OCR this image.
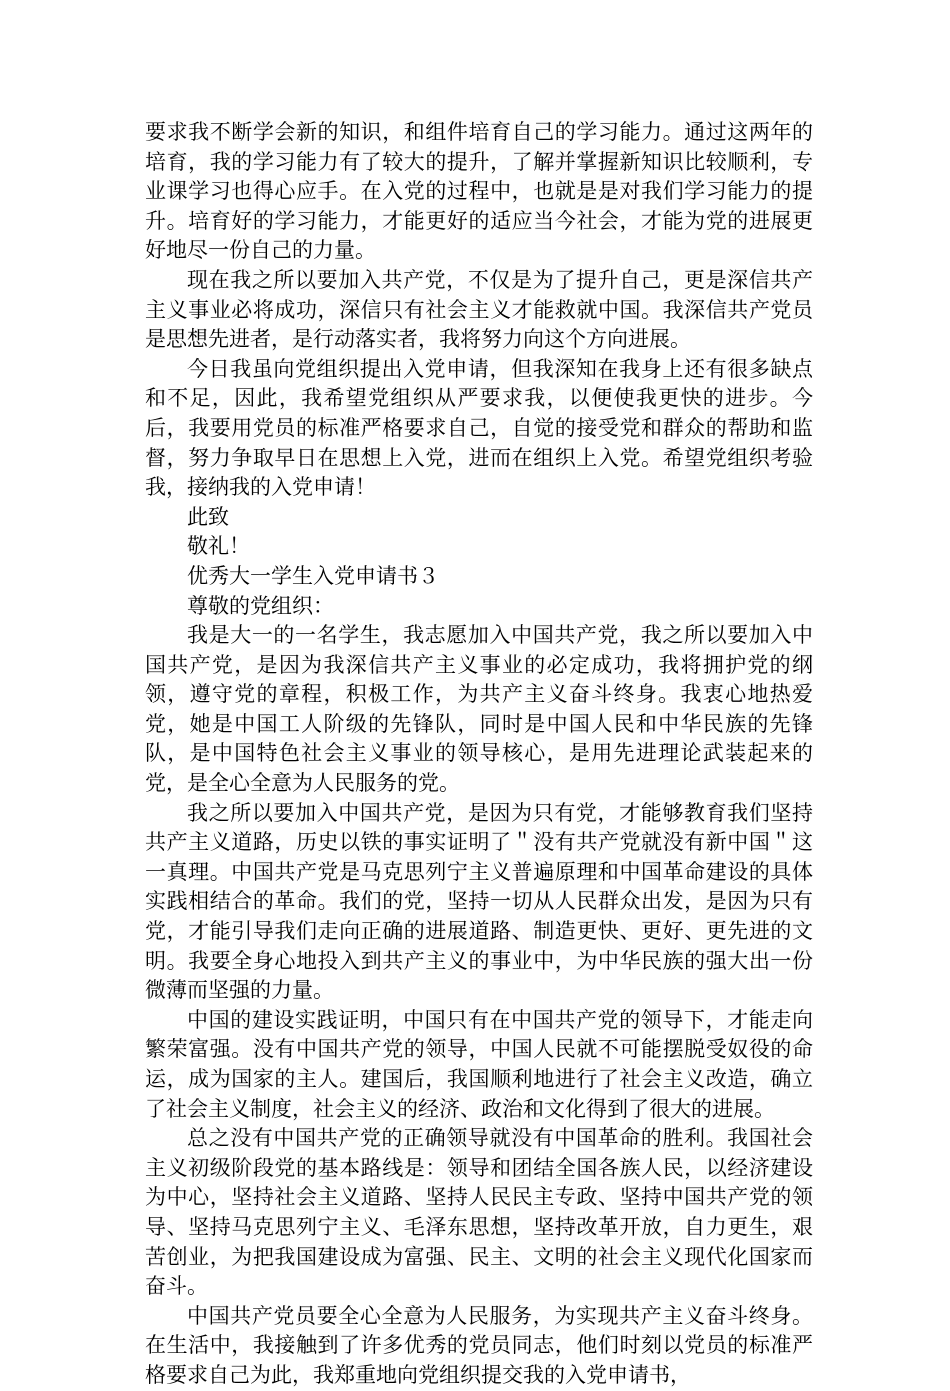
要求我不断学会新的知识，和组件培育自己的学习能力。通过这两年的培育，我的学习能力有了较大的提升，了解并掌握新知识比较顺利，专业课学习也得心应手。在入党的过程中，也就是是对我们学习能力的提升。培育好的学习能力，才能更好的适应当今社会，才能为党的进展更好地尽一份自己的力量。

现在我之所以要加入共产党，不仅是为了提升自己，更是深信共产主义事业必将成功，深信只有社会主义才能救就中国。我深信共产党员是思想先进者，是行动落实者，我将努力向这个方向进展。

今日我虽向党组织提出入党申请，但我深知在我身上还有很多缺点和不足，因此，我希望党组织从严要求我，以便使我更快的进步。今后，我要用党员的标准严格要求自己，自觉的接受党和群众的帮助和监督，努力争取早日在思想上入党，进而在组织上入党。希望党组织考验我，接纳我的入党申请！

此致

敬礼！

优秀大一学生入党申请书３

尊敬的党组织：

我是大一的一名学生，我志愿加入中国共产党，我之所以要加入中国共产党，是因为我深信共产主义事业的必定成功，我将拥护党的纲领，遵守党的章程，积极工作，为共产主义奋斗终身。我衷心地热爱党，她是中国工人阶级的先锋队，同时是中国人民和中华民族的先锋队，是中国特色社会主义事业的领导核心，是用先进理论武装起来的党，是全心全意为人民服务的党。

我之所以要加入中国共产党，是因为只有党，才能够教育我们坚持共产主义道路，历史以铁的事实证明了＂没有共产党就没有新中国＂这一真理。中国共产党是马克思列宁主义普遍原理和中国革命建设的具体实践相结合的革命。我们的党，坚持一切从人民群众出发，是因为只有党，才能引导我们走向正确的进展道路、制造更快、更好、更先进的文明。我要全身心地投入到共产主义的事业中，为中华民族的强大出一份微薄而坚强的力量。

中国的建设实践证明，中国只有在中国共产党的领导下，才能走向繁荣富强。没有中国共产党的领导，中国人民就不可能摆脱受奴役的命运，成为国家的主人。建国后，我国顺利地进行了社会主义改造，确立了社会主义制度，社会主义的经济、政治和文化得到了很大的进展。

总之没有中国共产党的正确领导就没有中国革命的胜利。我国社会主义初级阶段党的基本路线是：领导和团结全国各族人民，以经济建设为中心，坚持社会主义道路、坚持人民民主专政、坚持中国共产党的领导、坚持马克思列宁主义、毛泽东思想，坚持改革开放，自力更生，艰苦创业，为把我国建设成为富强、民主、文明的社会主义现代化国家而奋斗。

中国共产党员要全心全意为人民服务，为实现共产主义奋斗终身。在生活中，我接触到了许多优秀的党员同志，他们时刻以党员的标准严格要求自己为此，我郑重地向党组织提交我的入党申请书，
